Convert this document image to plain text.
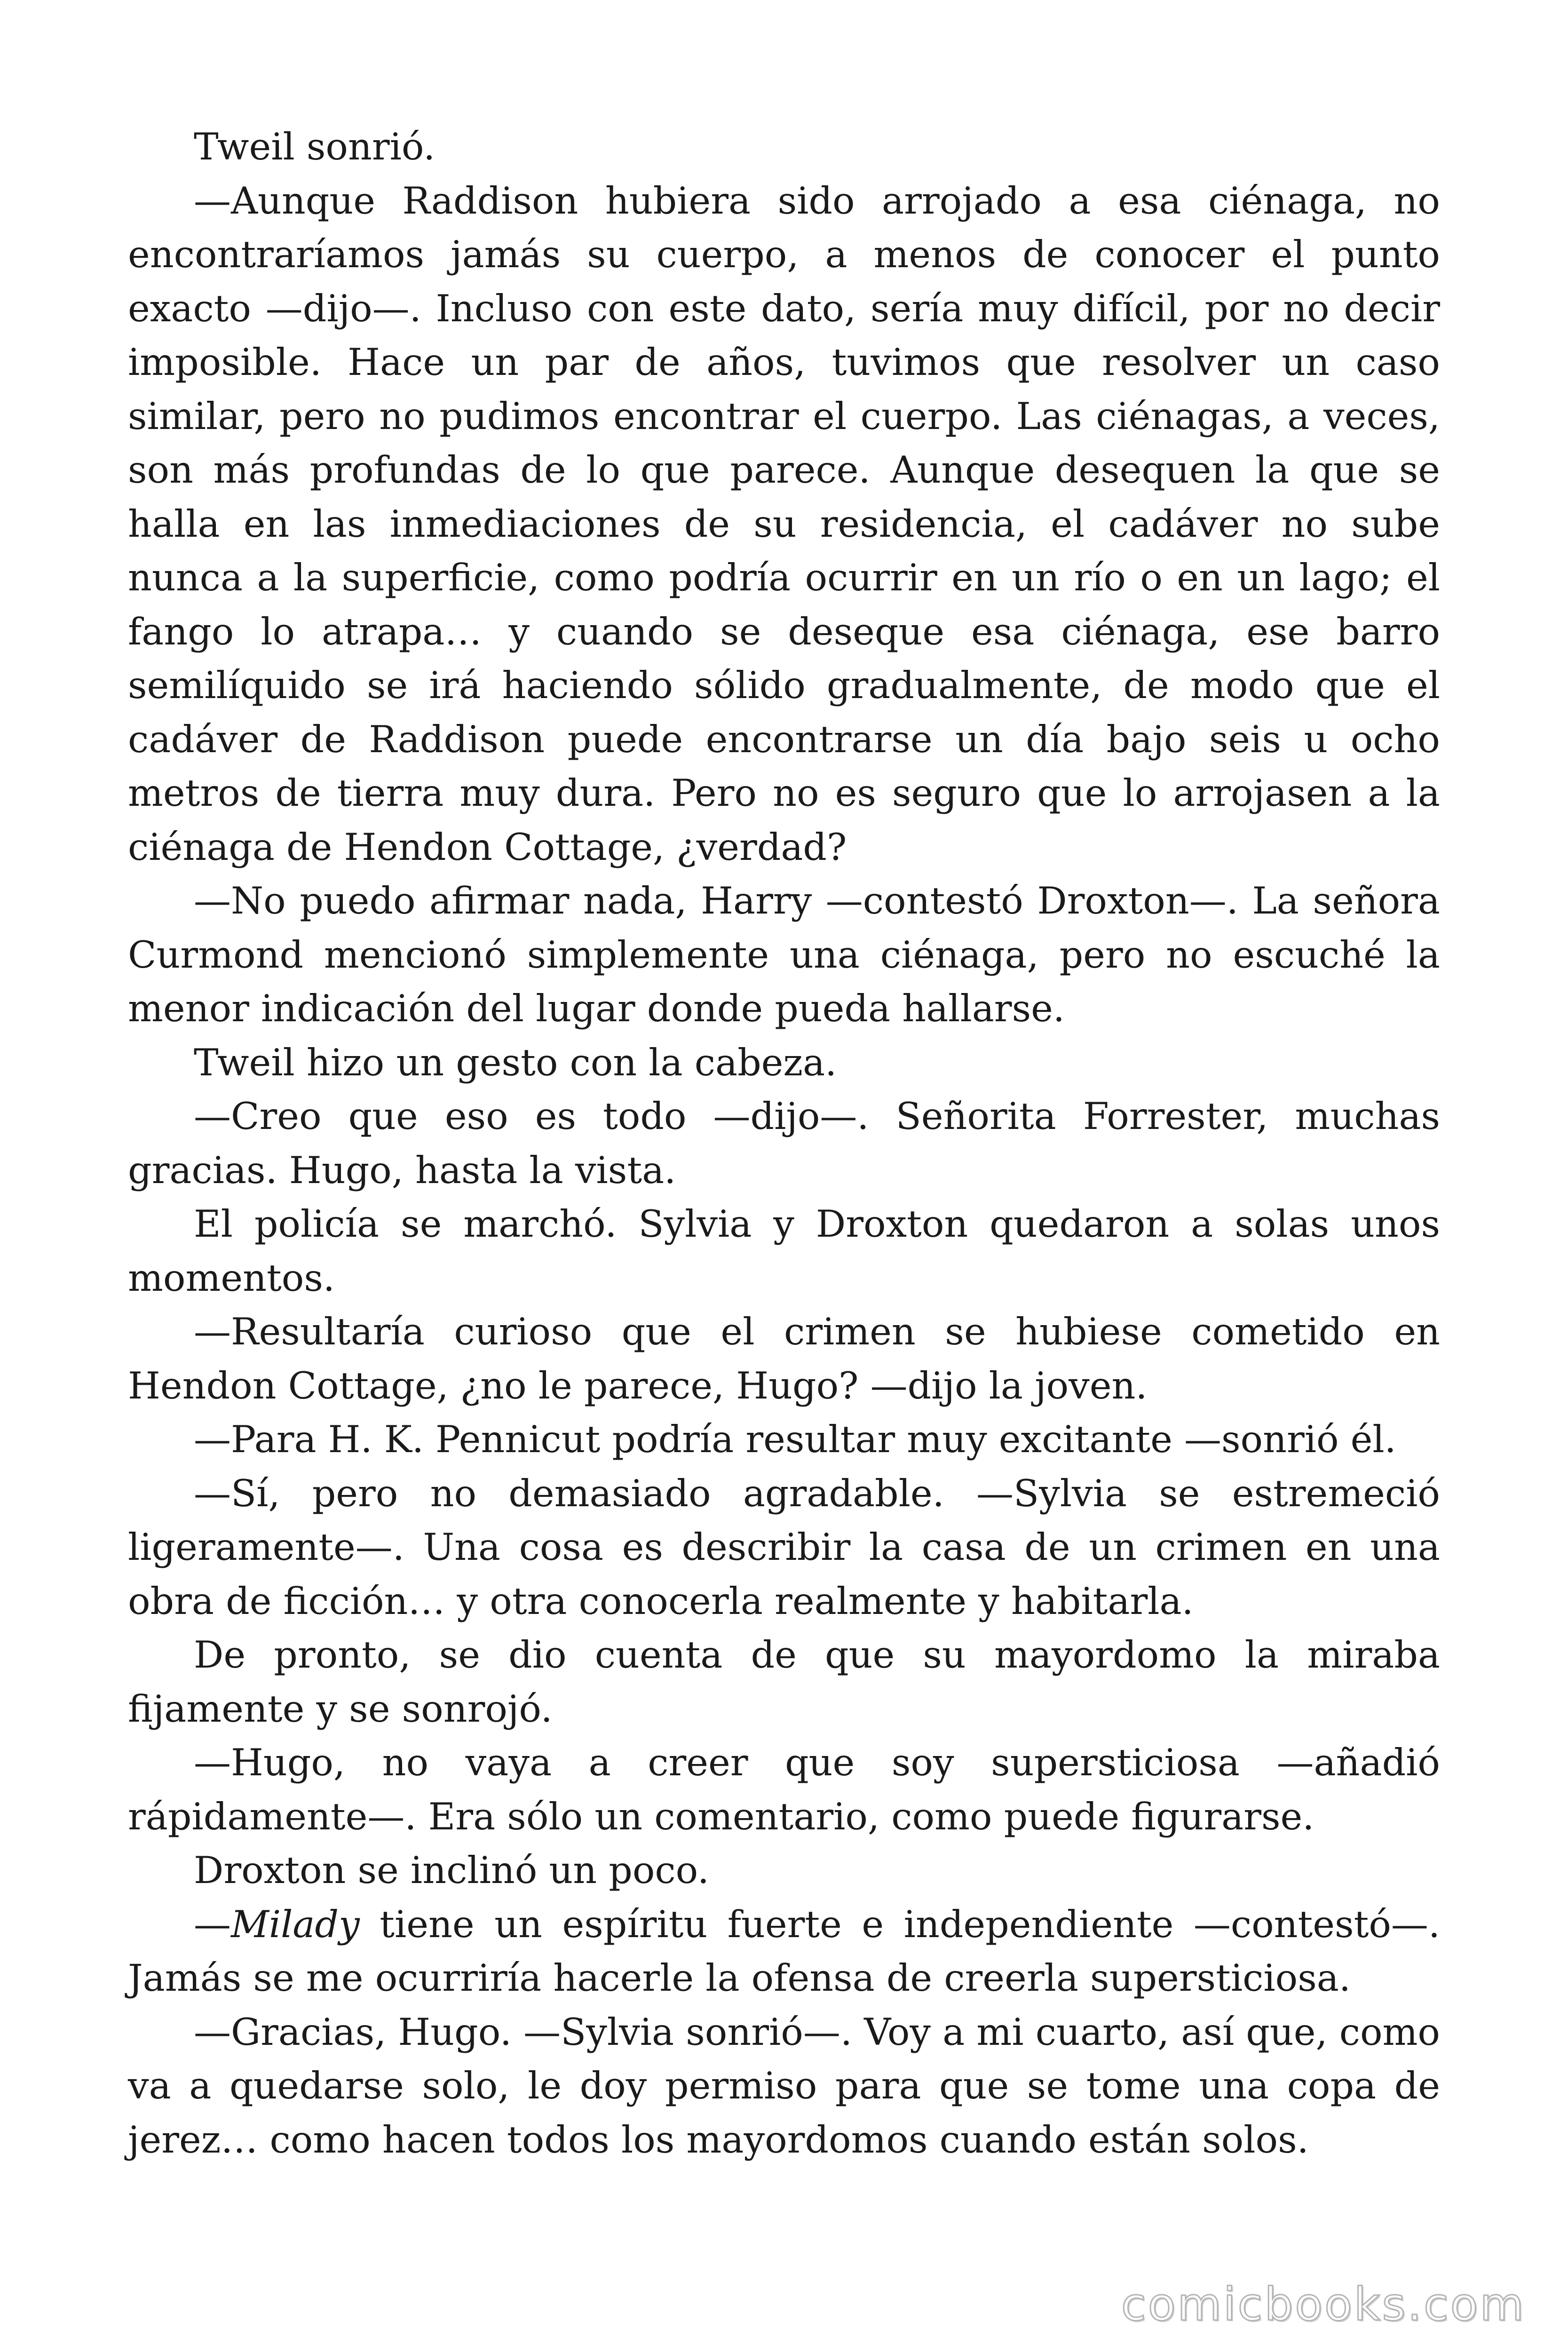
Tweil sonrió.

—Aunque Raddison hubiera sido arrojado a esa ciénaga, no encontraríamos jamás su cuerpo, a menos de conocer el punto exacto —dijo—. Incluso con este dato, sería muy difícil, por no decir imposible. Hace un par de años, tuvimos que resolver un caso similar, pero no pudimos encontrar el cuerpo. Las ciénagas, a veces, son más profundas de lo que parece. Aunque desequen la que se halla en las inmediaciones de su residencia, el cadáver no sube nunca a la superficie, como podría ocurrir en un río o en un lago; el fango lo atrapa… y cuando se deseque esa ciénaga, ese barro semilíquido se irá haciendo sólido gradualmente, de modo que el cadáver de Raddison puede encontrarse un día bajo seis u ocho metros de tierra muy dura. Pero no es seguro que lo arrojasen a la ciénaga de Hendon Cottage, ¿verdad?

—No puedo afirmar nada, Harry —contestó Droxton—. La señora Curmond mencionó simplemente una ciénaga, pero no escuché la menor indicación del lugar donde pueda hallarse.

Tweil hizo un gesto con la cabeza.

—Creo que eso es todo —dijo—. Señorita Forrester, muchas gracias. Hugo, hasta la vista.

El policía se marchó. Sylvia y Droxton quedaron a solas unos momentos.

—Resultaría curioso que el crimen se hubiese cometido en Hendon Cottage, ¿no le parece, Hugo? —dijo la joven.

—Para H. K. Pennicut podría resultar muy excitante —sonrió él.

—Sí, pero no demasiado agradable. —Sylvia se estremeció ligeramente—. Una cosa es describir la casa de un crimen en una obra de ficción… y otra conocerla realmente y habitarla.

De pronto, se dio cuenta de que su mayordomo la miraba fijamente y se sonrojó.

—Hugo, no vaya a creer que soy supersticiosa —añadió rápidamente—. Era sólo un comentario, como puede figurarse.

Droxton se inclinó un poco.

—Milady tiene un espíritu fuerte e independiente —contestó—. Jamás se me ocurriría hacerle la ofensa de creerla supersticiosa.

—Gracias, Hugo. —Sylvia sonrió—. Voy a mi cuarto, así que, como va a quedarse solo, le doy permiso para que se tome una copa de jerez… como hacen todos los mayordomos cuando están solos.

comicbooks.com
